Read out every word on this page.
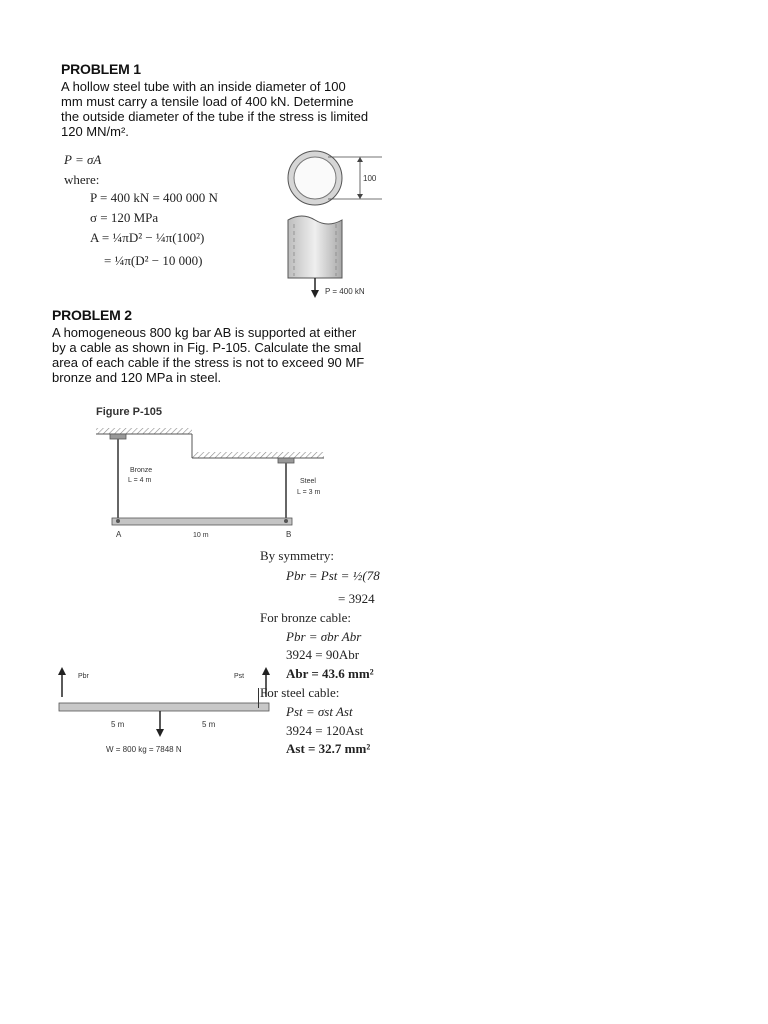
PROBLEM 1
A hollow steel tube with an inside diameter of 100
mm must carry a tensile load of 400 kN. Determine
the outside diameter of the tube if the stress is limited
120 MN/m².
P = σA
where:
P = 400 kN = 400 000 N
σ = 120 MPa
A = ¼πD² − ¼π(100²)
= ¼π(D² − 10 000)
100
P = 400 kN
PROBLEM 2
A homogeneous 800 kg bar AB is supported at either
by a cable as shown in Fig. P-105. Calculate the smal
area of each cable if the stress is not to exceed 90 MF
bronze and 120 MPa in steel.
Figure P-105
Bronze
L = 4 m	Steel
L = 3 m
A	10 m	B
Pbr	Pst
5 m	5 m
W = 800 kg = 7848 N
By symmetry:
Pbr = Pst = ½(78
= 3924
For bronze cable:
Pbr = σbr Abr
3924 = 90Abr
Abr = 43.6 mm²
For steel cable:
Pst = σst Ast
3924 = 120Ast
Ast = 32.7 mm²
